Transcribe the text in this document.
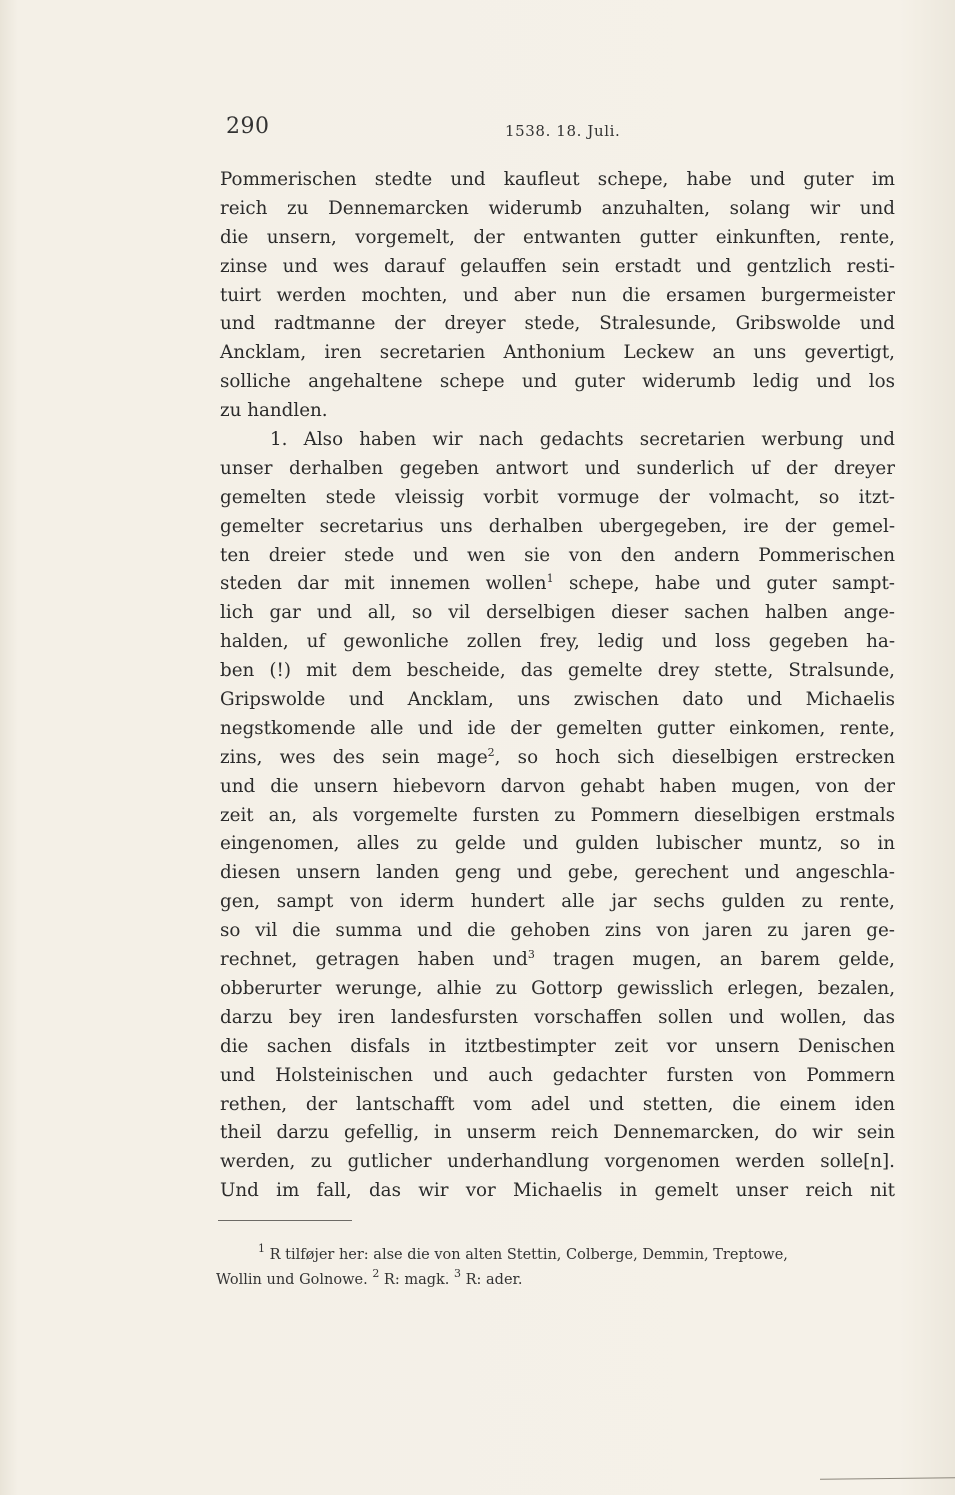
290	1538. 18. Juli.
Pommerischen stedte und kaufleut schepe, habe und guter im
reich zu Dennemarcken widerumb anzuhalten, solang wir und
die unsern, vorgemelt, der entwanten gutter einkunften, rente,
zinse und wes darauf gelauffen sein erstadt und gentzlich resti-
tuirt werden mochten, und aber nun die ersamen burgermeister
und radtmanne der dreyer stede, Stralesunde, Gribswolde und
Ancklam, iren secretarien Anthonium Leckew an uns gevertigt,
solliche angehaltene schepe und guter widerumb ledig und los
zu handlen.
1. Also haben wir nach gedachts secretarien werbung und
unser derhalben gegeben antwort und sunderlich uf der dreyer
gemelten stede vleissig vorbit vormuge der volmacht, so itzt-
gemelter secretarius uns derhalben ubergegeben, ire der gemel-
ten dreier stede und wen sie von den andern Pommerischen
steden dar mit innemen wollen$^1$ schepe, habe und guter sampt-
lich gar und all, so vil derselbigen dieser sachen halben ange-
halden, uf gewonliche zollen frey, ledig und loss gegeben ha-
ben (!) mit dem bescheide, das gemelte drey stette, Stralsunde,
Gripswolde und Ancklam, uns zwischen dato und Michaelis
negstkomende alle und ide der gemelten gutter einkomen, rente,
zins, wes des sein mage$^2$, so hoch sich dieselbigen erstrecken
und die unsern hiebevorn darvon gehabt haben mugen, von der
zeit an, als vorgemelte fursten zu Pommern dieselbigen erstmals
eingenomen, alles zu gelde und gulden lubischer muntz, so in
diesen unsern landen geng und gebe, gerechent und angeschla-
gen, sampt von iderm hundert alle jar sechs gulden zu rente,
so vil die summa und die gehoben zins von jaren zu jaren ge-
rechnet, getragen haben und$^3$ tragen mugen, an barem gelde,
obberurter werunge, alhie zu Gottorp gewisslich erlegen, bezalen,
darzu bey iren landesfursten vorschaffen sollen und wollen, das
die sachen disfals in itztbestimpter zeit vor unsern Denischen
und Holsteinischen und auch gedachter fursten von Pommern
rethen, der lantschafft vom adel und stetten, die einem iden
theil darzu gefellig, in unserm reich Dennemarcken, do wir sein
werden, zu gutlicher underhandlung vorgenomen werden solle[n].
Und im fall, das wir vor Michaelis in gemelt unser reich nit
$^1$ R tilføjer her: alse die von alten Stettin, Colberge, Demmin, Treptowe,
Wollin und Golnowe. $^2$ R: magk. $^3$ R: ader.
